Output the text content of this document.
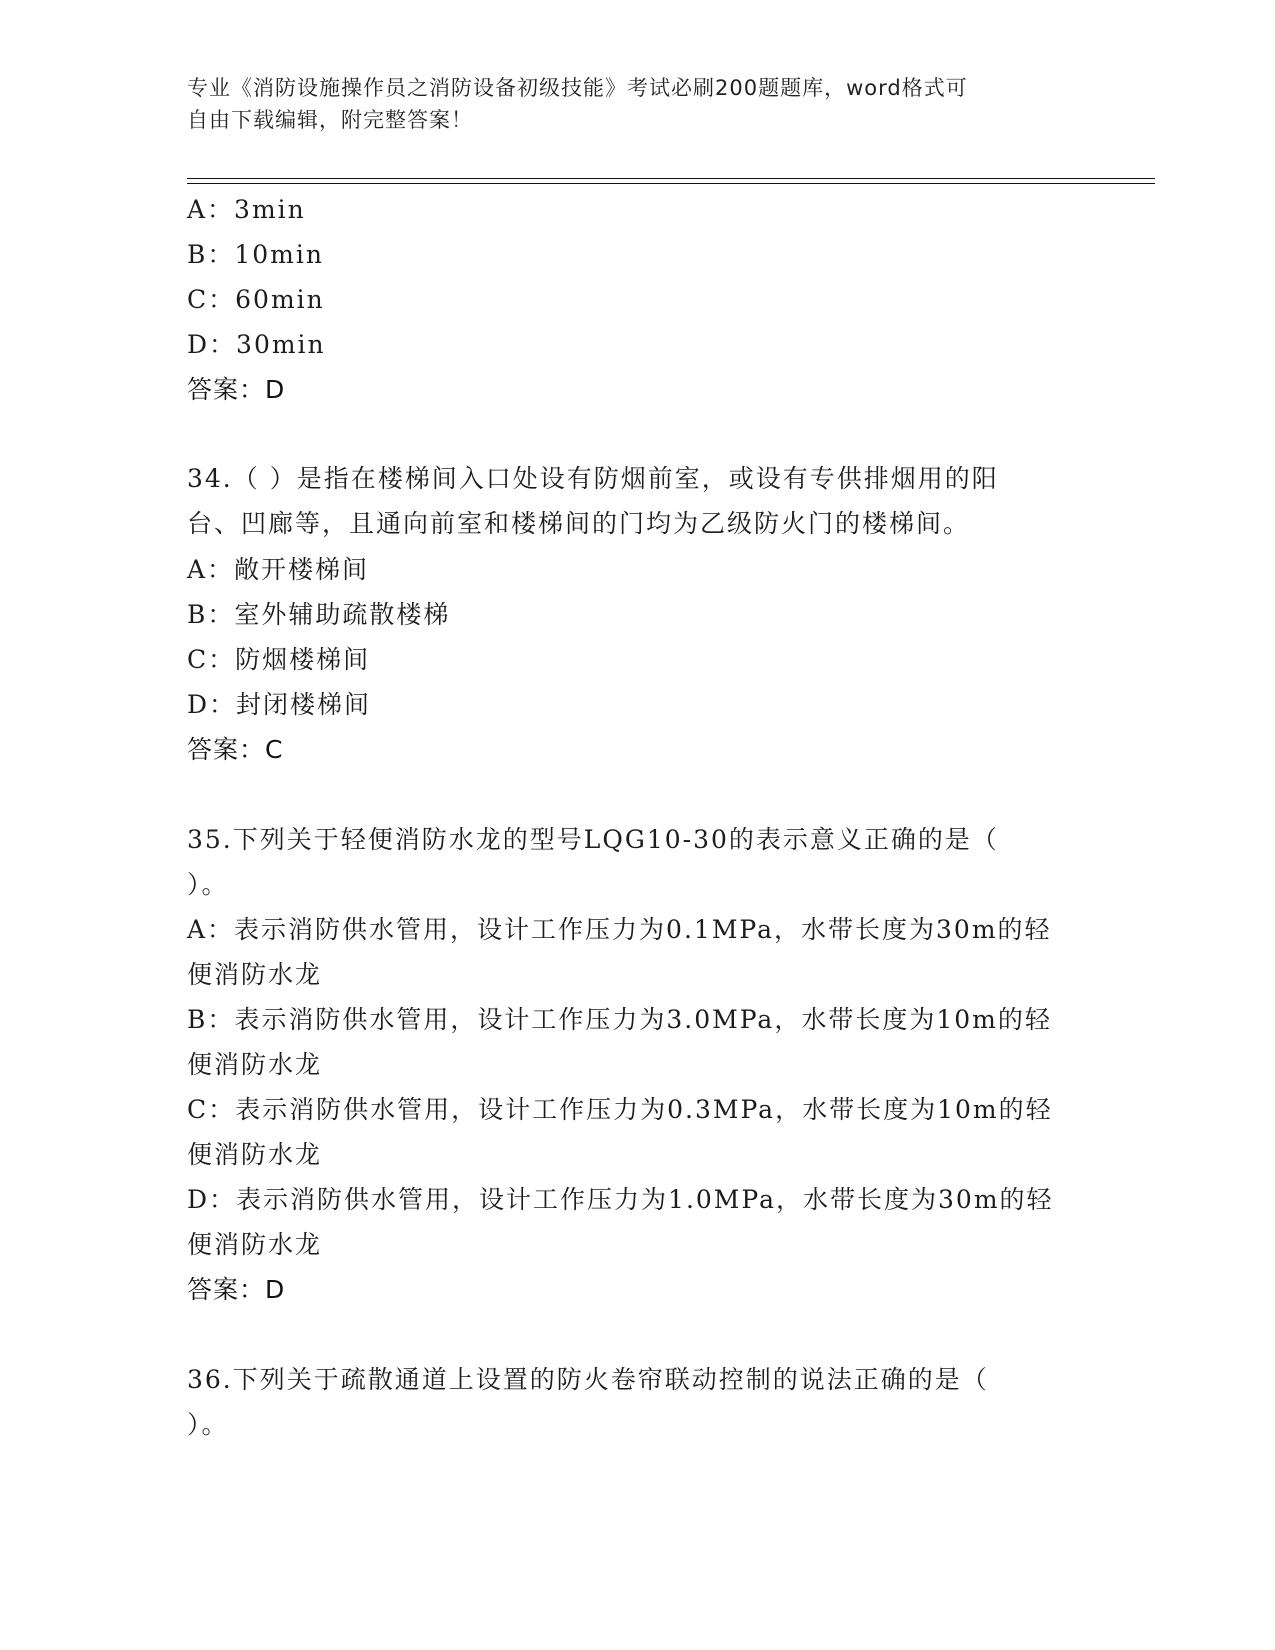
专业《消防设施操作员之消防设备初级技能》考试必刷200题题库，word格式可
自由下载编辑，附完整答案！
A：3min
B：10min
C：60min
D：30min
答案：D
34.（ ）是指在楼梯间入口处设有防烟前室，或设有专供排烟用的阳
台、凹廊等，且通向前室和楼梯间的门均为乙级防火门的楼梯间。
A：敞开楼梯间
B：室外辅助疏散楼梯
C：防烟楼梯间
D：封闭楼梯间
答案：C
35.下列关于轻便消防水龙的型号LQG10-30的表示意义正确的是（
）。
A：表示消防供水管用，设计工作压力为0.1MPa，水带长度为30m的轻
便消防水龙
B：表示消防供水管用，设计工作压力为3.0MPa，水带长度为10m的轻
便消防水龙
C：表示消防供水管用，设计工作压力为0.3MPa，水带长度为10m的轻
便消防水龙
D：表示消防供水管用，设计工作压力为1.0MPa，水带长度为30m的轻
便消防水龙
答案：D
36.下列关于疏散通道上设置的防火卷帘联动控制的说法正确的是（
）。
